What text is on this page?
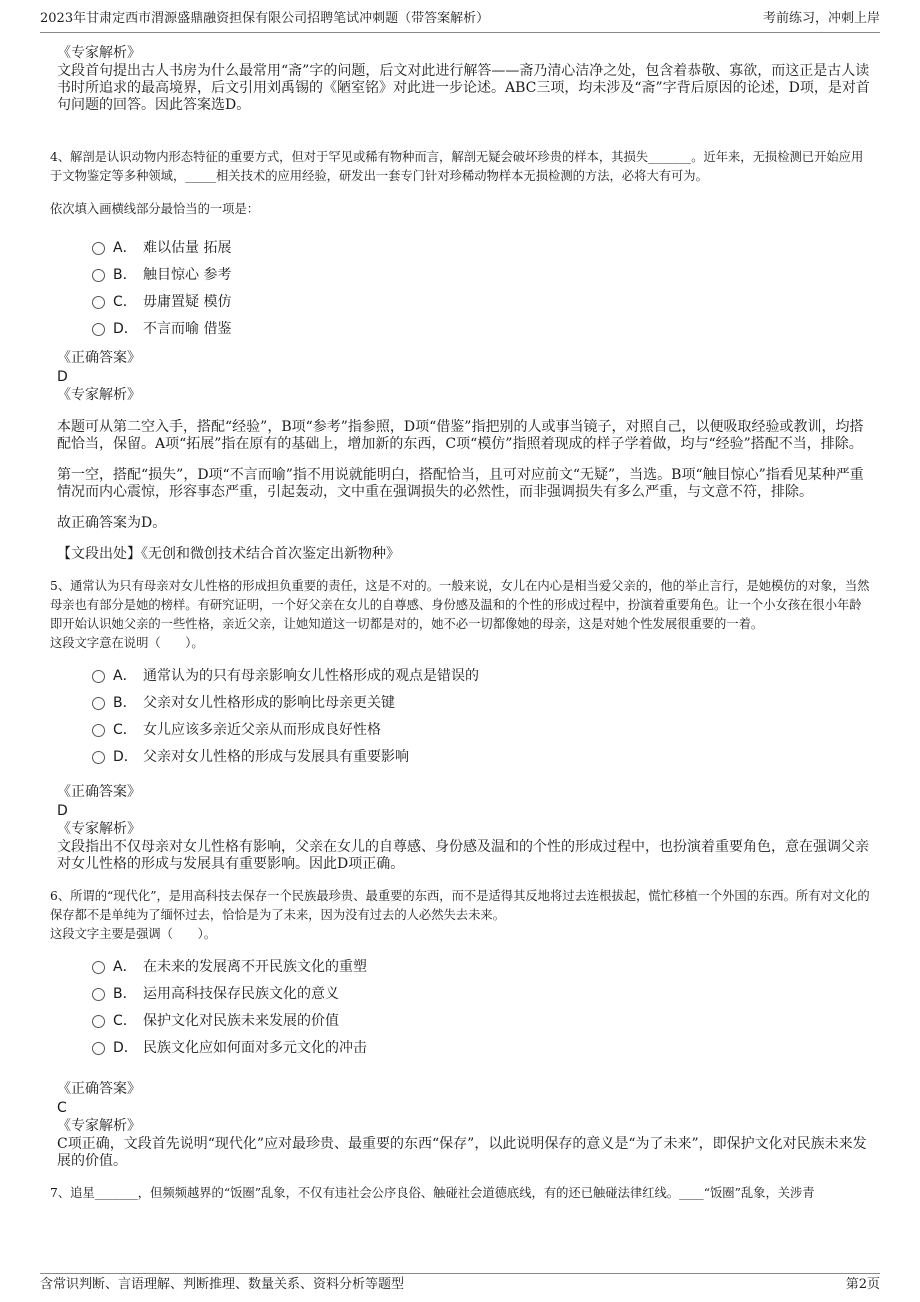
2023年甘肃定西市渭源盛鼎融资担保有限公司招聘笔试冲刺题（带答案解析）	考前练习，冲刺上岸
《专家解析》

文段首句提出古人书房为什么最常用“斋”字的问题，后文对此进行解答——斋乃清心洁净之处，包含着恭敬、寡欲，而这正是古人读书时所追求的最高境界，后文引用刘禹锡的《陋室铭》对此进一步论述。ABC三项，均未涉及“斋”字背后原因的论述，D项，是对首句问题的回答。因此答案选D。

4、解剖是认识动物内形态特征的重要方式，但对于罕见或稀有物种而言，解剖无疑会破坏珍贵的样本，其损失_______。近年来，无损检测已开始应用于文物鉴定等多种领域，_____相关技术的应用经验，研发出一套专门针对珍稀动物样本无损检测的方法，必将大有可为。

依次填入画横线部分最恰当的一项是：

A． 难以估量 拓展
B． 触目惊心 参考
C． 毋庸置疑 模仿
D． 不言而喻 借鉴
《正确答案》
D
《专家解析》

本题可从第二空入手，搭配“经验”，B项“参考”指参照，D项“借鉴”指把别的人或事当镜子，对照自己，以便吸取经验或教训，均搭配恰当，保留。A项“拓展”指在原有的基础上，增加新的东西，C项“模仿”指照着现成的样子学着做，均与“经验”搭配不当，排除。

第一空，搭配“损失”，D项“不言而喻”指不用说就能明白，搭配恰当，且可对应前文“无疑”，当选。B项“触目惊心”指看见某种严重情况而内心震惊，形容事态严重，引起轰动，文中重在强调损失的必然性，而非强调损失有多么严重，与文意不符，排除。

故正确答案为D。

【文段出处】《无创和微创技术结合首次鉴定出新物种》

5、通常认为只有母亲对女儿性格的形成担负重要的责任，这是不对的。一般来说，女儿在内心是相当爱父亲的，他的举止言行，是她模仿的对象，当然母亲也有部分是她的榜样。有研究证明，一个好父亲在女儿的自尊感、身份感及温和的个性的形成过程中，扮演着重要角色。让一个小女孩在很小年龄即开始认识她父亲的一些性格，亲近父亲，让她知道这一切都是对的，她不必一切都像她的母亲，这是对她个性发展很重要的一着。

这段文字意在说明（　　）。

A． 通常认为的只有母亲影响女儿性格形成的观点是错误的
B． 父亲对女儿性格形成的影响比母亲更关键
C． 女儿应该多亲近父亲从而形成良好性格
D． 父亲对女儿性格的形成与发展具有重要影响
《正确答案》
D
《专家解析》

文段指出不仅母亲对女儿性格有影响，父亲在女儿的自尊感、身份感及温和的个性的形成过程中，也扮演着重要角色，意在强调父亲对女儿性格的形成与发展具有重要影响。因此D项正确。

6、所谓的“现代化”，是用高科技去保存一个民族最珍贵、最重要的东西，而不是适得其反地将过去连根拔起，慌忙移植一个外国的东西。所有对文化的保存都不是单纯为了缅怀过去，恰恰是为了未来，因为没有过去的人必然失去未来。

这段文字主要是强调（　　）。

A． 在未来的发展离不开民族文化的重塑
B． 运用高科技保存民族文化的意义
C． 保护文化对民族未来发展的价值
D． 民族文化应如何面对多元文化的冲击
《正确答案》
C
《专家解析》

C项正确，文段首先说明“现代化”应对最珍贵、最重要的东西“保存”，以此说明保存的意义是“为了未来”，即保护文化对民族未来发展的价值。

7、追星_______，但频频越界的“饭圈”乱象，不仅有违社会公序良俗、触碰社会道德底线，有的还已触碰法律红线。____“饭圈”乱象，关涉青

含常识判断、言语理解、判断推理、数量关系、资料分析等题型	第2页
